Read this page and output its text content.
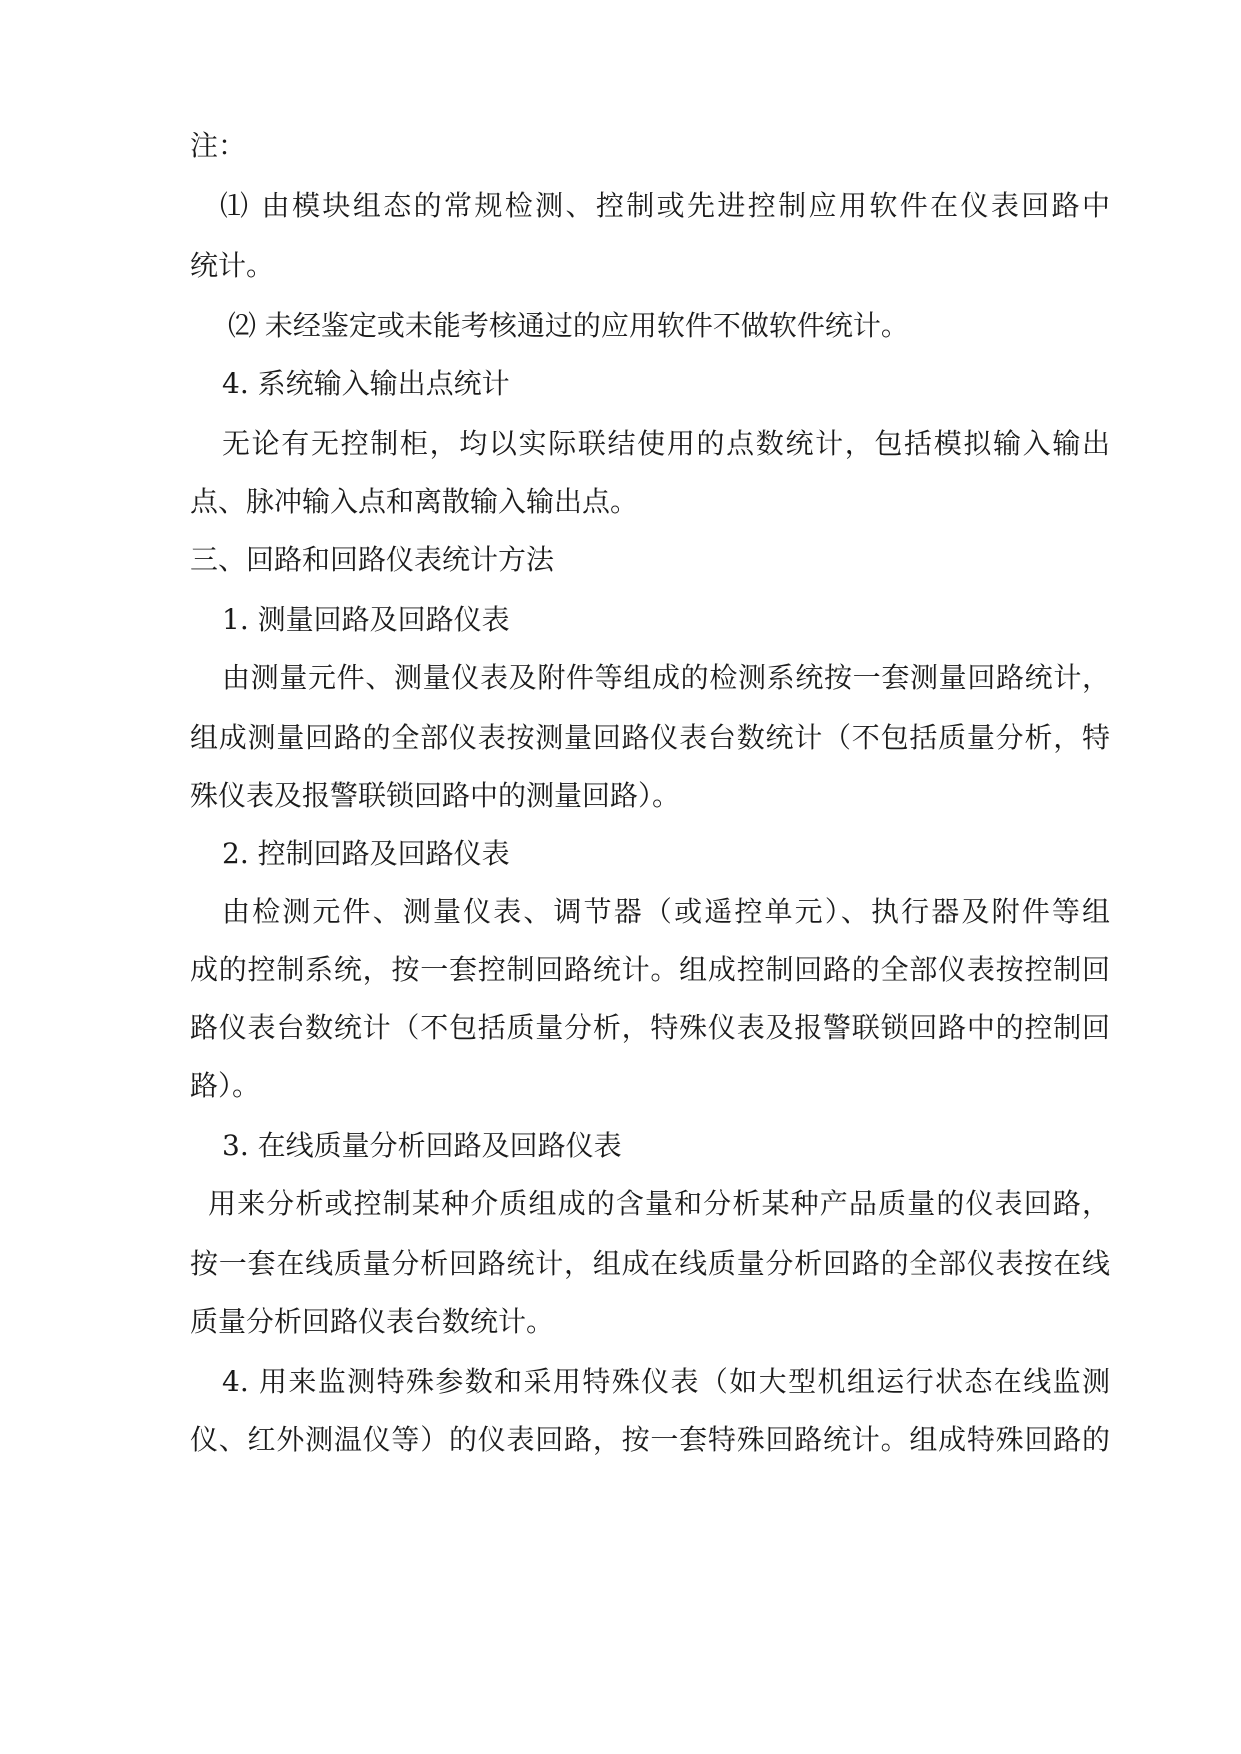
注：
⑴ 由模块组态的常规检测、控制或先进控制应用软件在仪表回路中
统计。
⑵ 未经鉴定或未能考核通过的应用软件不做软件统计。
4. 系统输入输出点统计
无论有无控制柜，均以实际联结使用的点数统计，包括模拟输入输出
点、脉冲输入点和离散输入输出点。
三、回路和回路仪表统计方法
1. 测量回路及回路仪表
由测量元件、测量仪表及附件等组成的检测系统按一套测量回路统计，
组成测量回路的全部仪表按测量回路仪表台数统计（不包括质量分析，特
殊仪表及报警联锁回路中的测量回路）。
2. 控制回路及回路仪表
由检测元件、测量仪表、调节器（或遥控单元）、执行器及附件等组
成的控制系统，按一套控制回路统计。组成控制回路的全部仪表按控制回
路仪表台数统计（不包括质量分析，特殊仪表及报警联锁回路中的控制回
路）。
3. 在线质量分析回路及回路仪表
用来分析或控制某种介质组成的含量和分析某种产品质量的仪表回路，
按一套在线质量分析回路统计，组成在线质量分析回路的全部仪表按在线
质量分析回路仪表台数统计。
4. 用来监测特殊参数和采用特殊仪表（如大型机组运行状态在线监测
仪、红外测温仪等）的仪表回路，按一套特殊回路统计。组成特殊回路的
